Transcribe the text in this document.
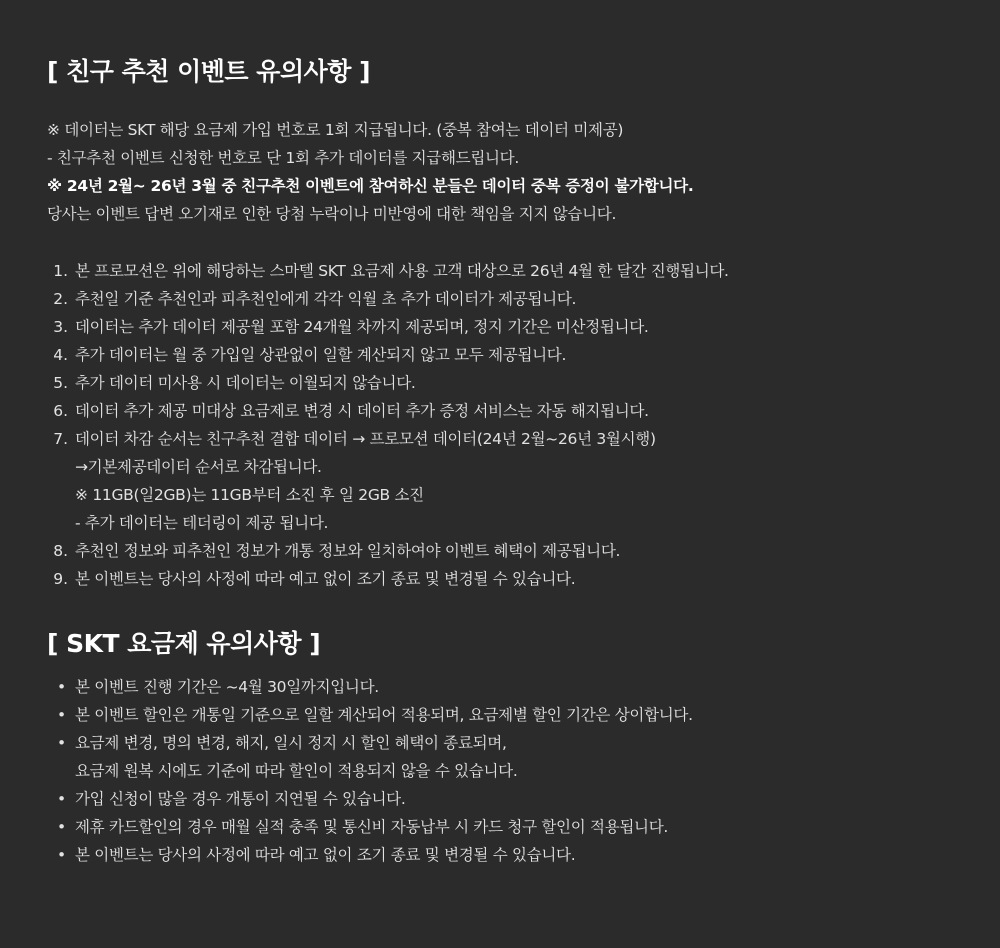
[ 친구 추천 이벤트 유의사항 ]
※ 데이터는 SKT 해당 요금제 가입 번호로 1회 지급됩니다. (중복 참여는 데이터 미제공)
- 친구추천 이벤트 신청한 번호로 단 1회 추가 데이터를 지급해드립니다.
※ 24년 2월~ 26년 3월 중 친구추천 이벤트에 참여하신 분들은 데이터 중복 증정이 불가합니다.
당사는 이벤트 답변 오기재로 인한 당첨 누락이나 미반영에 대한 책임을 지지 않습니다.
1. 본 프로모션은 위에 해당하는 스마텔 SKT 요금제 사용 고객 대상으로 26년 4월 한 달간 진행됩니다.
2. 추천일 기준 추천인과 피추천인에게 각각 익월 초 추가 데이터가 제공됩니다.
3. 데이터는 추가 데이터 제공월 포함 24개월 차까지 제공되며, 정지 기간은 미산정됩니다.
4. 추가 데이터는 월 중 가입일 상관없이 일할 계산되지 않고 모두 제공됩니다.
5. 추가 데이터 미사용 시 데이터는 이월되지 않습니다.
6. 데이터 추가 제공 미대상 요금제로 변경 시 데이터 추가 증정 서비스는 자동 해지됩니다.
7. 데이터 차감 순서는 친구추천 결합 데이터 → 프로모션 데이터(24년 2월~26년 3월시행)
→기본제공데이터 순서로 차감됩니다.
※ 11GB(일2GB)는 11GB부터 소진 후 일 2GB 소진
- 추가 데이터는 테더링이 제공 됩니다.
8. 추천인 정보와 피추천인 정보가 개통 정보와 일치하여야 이벤트 혜택이 제공됩니다.
9. 본 이벤트는 당사의 사정에 따라 예고 없이 조기 종료 및 변경될 수 있습니다.
[ SKT 요금제 유의사항 ]
• 본 이벤트 진행 기간은 ~4월 30일까지입니다.
• 본 이벤트 할인은 개통일 기준으로 일할 계산되어 적용되며, 요금제별 할인 기간은 상이합니다.
• 요금제 변경, 명의 변경, 해지, 일시 정지 시 할인 혜택이 종료되며,
요금제 원복 시에도 기준에 따라 할인이 적용되지 않을 수 있습니다.
• 가입 신청이 많을 경우 개통이 지연될 수 있습니다.
• 제휴 카드할인의 경우 매월 실적 충족 및 통신비 자동납부 시 카드 청구 할인이 적용됩니다.
• 본 이벤트는 당사의 사정에 따라 예고 없이 조기 종료 및 변경될 수 있습니다.
